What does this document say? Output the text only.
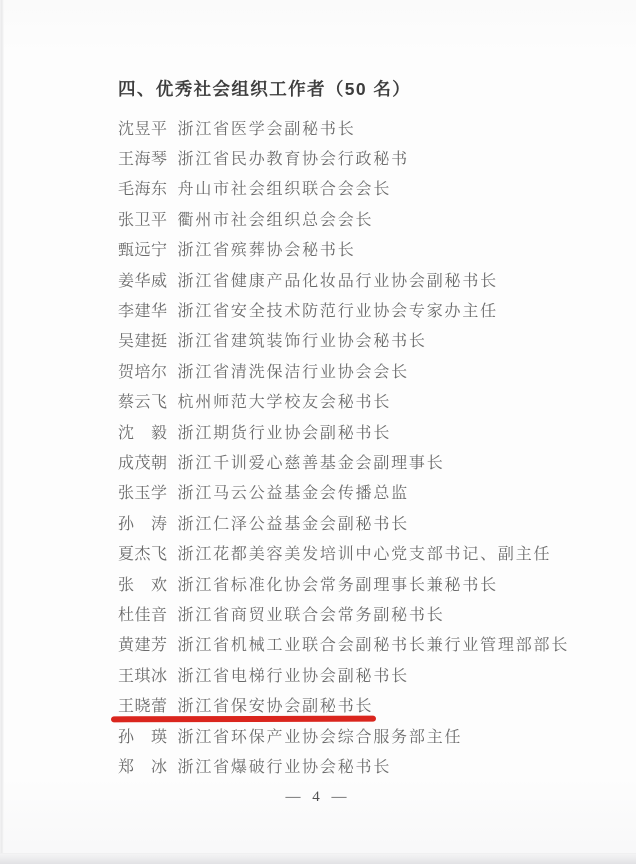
四、优秀社会组织工作者（50 名）
沈昱平 浙江省医学会副秘书长
王海琴 浙江省民办教育协会行政秘书
毛海东 舟山市社会组织联合会会长
张卫平 衢州市社会组织总会会长
甄远宁 浙江省殡葬协会秘书长
姜华威 浙江省健康产品化妆品行业协会副秘书长
李建华 浙江省安全技术防范行业协会专家办主任
吴建挺 浙江省建筑装饰行业协会秘书长
贺培尔 浙江省清洗保洁行业协会会长
蔡云飞 杭州师范大学校友会秘书长
沈　毅 浙江期货行业协会副秘书长
成茂朝 浙江千训爱心慈善基金会副理事长
张玉学 浙江马云公益基金会传播总监
孙　涛 浙江仁泽公益基金会副秘书长
夏杰飞 浙江花都美容美发培训中心党支部书记、副主任
张　欢 浙江省标准化协会常务副理事长兼秘书长
杜佳音 浙江省商贸业联合会常务副秘书长
黄建芳 浙江省机械工业联合会副秘书长兼行业管理部部长
王琪冰 浙江省电梯行业协会副秘书长
王晓蕾 浙江省保安协会副秘书长
孙　瑛 浙江省环保产业协会综合服务部主任
郑　冰 浙江省爆破行业协会秘书长
— 4 —
